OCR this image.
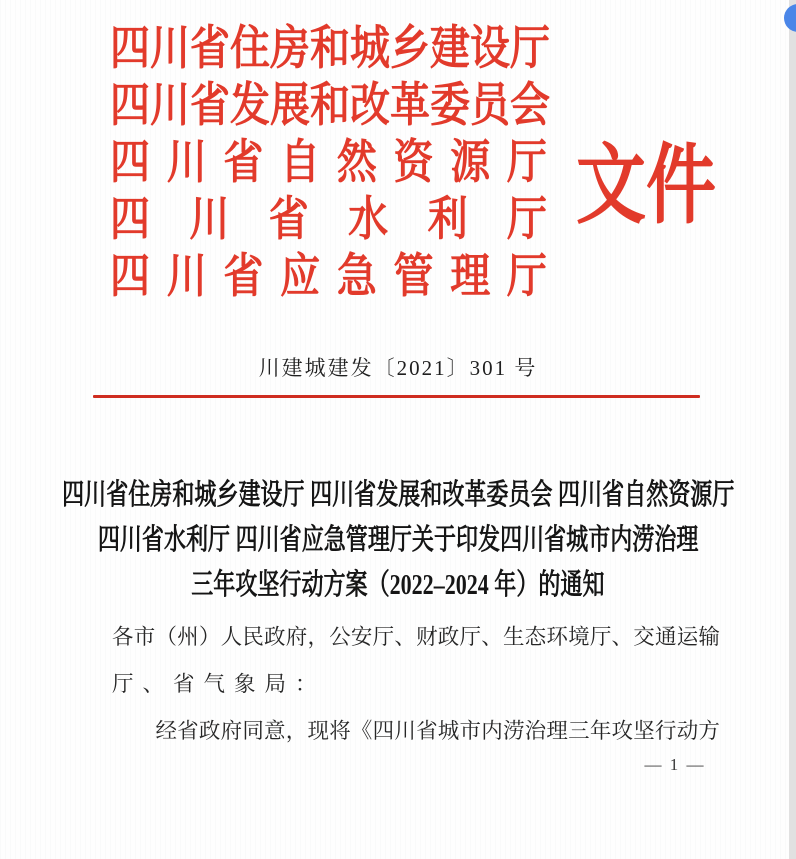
四 川 省 住 房 和 城 乡 建 设 厅
四 川 省 发 展 和 改 革 委 员 会
四 川 省 自 然 资 源 厅
四 川 省 水 利 厅
四 川 省 应 急 管 理 厅
文件
川建城建发〔2021〕301 号
四川省住房和城乡建设厅 四川省发展和改革委员会 四川省自然资源厅
四川省水利厅 四川省应急管理厅关于印发四川省城市内涝治理
三年攻坚行动方案（2022–2024 年）的通知
各 市 （ 州 ） 人 民 政 府 ， 公 安 厅 、 财 政 厅 、 生 态 环 境 厅 、 交 通 运 输
厅、省气象局：

经 省 政 府 同 意 ， 现 将 《 四 川 省 城 市 内 涝 治 理 三 年 攻 坚 行 动 方
— 1 —
